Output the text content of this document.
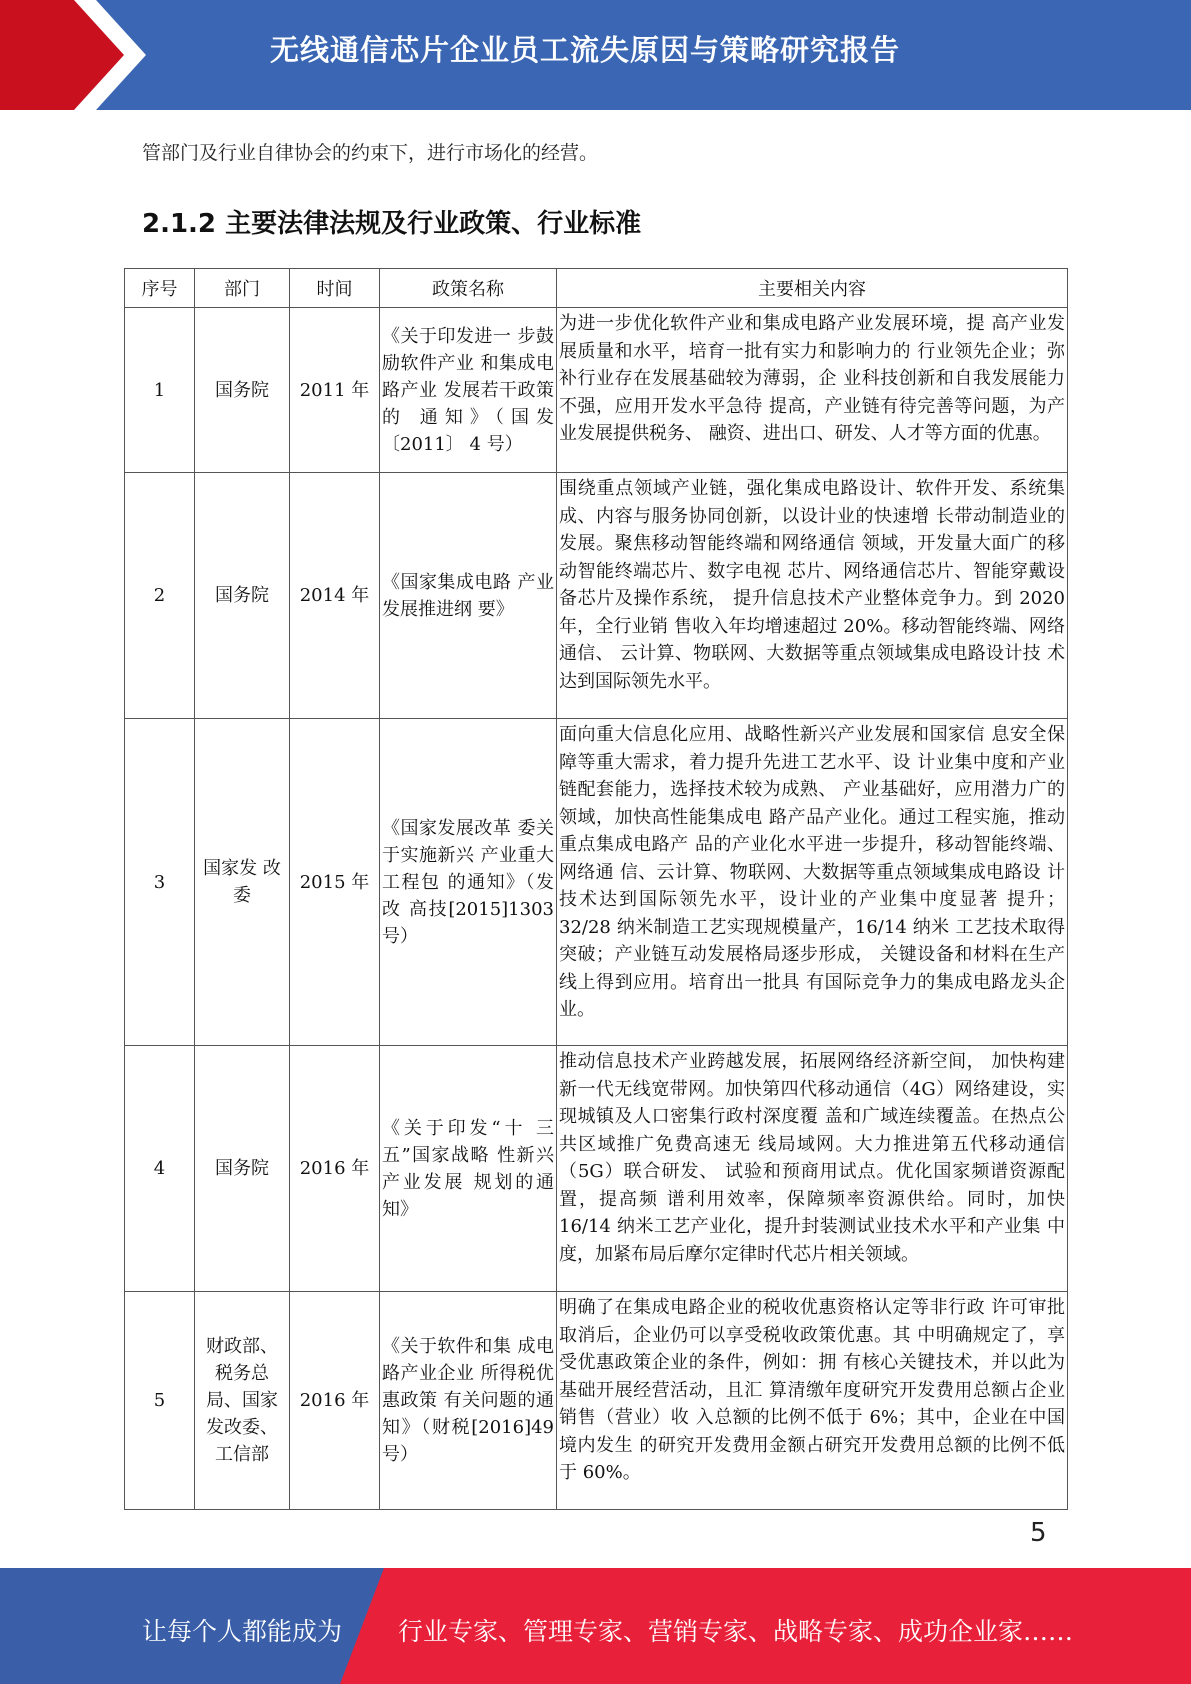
无线通信芯片企业员工流失原因与策略研究报告
管部门及行业自律协会的约束下，进行市场化的经营。
2.1.2 主要法律法规及行业政策、行业标准
序号	部门	时间	政策名称	主要相关内容
1	国务院	2011 年	《关于印发进一 步鼓励软件产业 和集成电路产业 发展若干政策的 通知》（国发〔2011〕 4 号）	为进一步优化软件产业和集成电路产业发展环境，提 高产业发展质量和水平，培育一批有实力和影响力的 行业领先企业；弥补行业存在发展基础较为薄弱，企 业科技创新和自我发展能力不强，应用开发水平急待 提高，产业链有待完善等问题，为产业发展提供税务、 融资、进出口、研发、人才等方面的优惠。
2	国务院	2014 年	《国家集成电路 产业发展推进纲 要》	围绕重点领域产业链，强化集成电路设计、软件开发、系统集成、内容与服务协同创新，以设计业的快速增 长带动制造业的发展。聚焦移动智能终端和网络通信 领域，开发量大面广的移动智能终端芯片、数字电视 芯片、网络通信芯片、智能穿戴设备芯片及操作系统， 提升信息技术产业整体竞争力。到 2020 年，全行业销 售收入年均增速超过 20%。移动智能终端、网络通信、 云计算、物联网、大数据等重点领域集成电路设计技 术达到国际领先水平。
3	国家发 改委	2015 年	《国家发展改革 委关于实施新兴 产业重大工程包 的通知》（发改 高技[2015]1303 号）	面向重大信息化应用、战略性新兴产业发展和国家信 息安全保障等重大需求，着力提升先进工艺水平、设 计业集中度和产业链配套能力，选择技术较为成熟、 产业基础好，应用潜力广的领域，加快高性能集成电 路产品产业化。通过工程实施，推动重点集成电路产 品的产业化水平进一步提升，移动智能终端、网络通 信、云计算、物联网、大数据等重点领域集成电路设 计技术达到国际领先水平，设计业的产业集中度显著 提升；32/28 纳米制造工艺实现规模量产，16/14 纳米 工艺技术取得突破；产业链互动发展格局逐步形成， 关键设备和材料在生产线上得到应用。培育出一批具 有国际竞争力的集成电路龙头企业。
4	国务院	2016 年	《关于印发“十 三五”国家战略 性新兴产业发展 规划的通知》	推动信息技术产业跨越发展，拓展网络经济新空间， 加快构建新一代无线宽带网。加快第四代移动通信（4G）网络建设，实现城镇及人口密集行政村深度覆 盖和广域连续覆盖。在热点公共区域推广免费高速无 线局域网。大力推进第五代移动通信（5G）联合研发、 试验和预商用试点。优化国家频谱资源配置，提高频 谱利用效率，保障频率资源供给。同时，加快 16/14 纳米工艺产业化，提升封装测试业技术水平和产业集 中度，加紧布局后摩尔定律时代芯片相关领域。
5	财政部、 税务总 局、国家 发改委、 工信部	2016 年	《关于软件和集 成电路产业企业 所得税优惠政策 有关问题的通 知》（财税[2016]49 号）	明确了在集成电路企业的税收优惠资格认定等非行政 许可审批取消后，企业仍可以享受税收政策优惠。其 中明确规定了，享受优惠政策企业的条件，例如：拥 有核心关键技术，并以此为基础开展经营活动，且汇 算清缴年度研究开发费用总额占企业销售（营业）收 入总额的比例不低于 6%；其中，企业在中国境内发生 的研究开发费用金额占研究开发费用总额的比例不低 于 60%。
5
让每个人都能成为 行业专家、管理专家、营销专家、战略专家、成功企业家……
